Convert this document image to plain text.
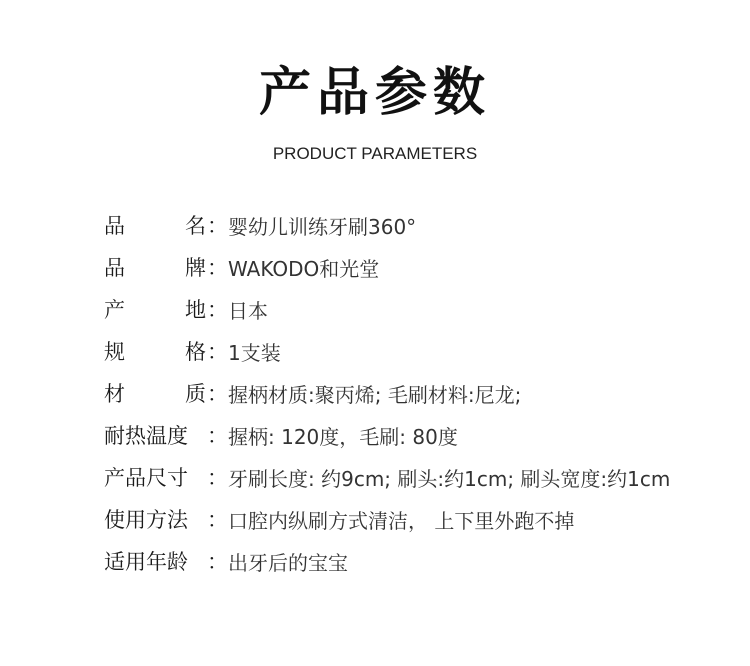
产品参数
PRODUCT PARAMETERS
品名 ： 婴幼儿训练牙刷360°
品牌 ： WAKODO和光堂
产地 ： 日本
规格 ： 1支装
材质 ： 握柄材质:聚丙烯; 毛刷材料:尼龙;
耐热温度 ： 握柄: 120度，毛刷: 80度
产品尺寸 ： 牙刷长度: 约9cm; 刷头:约1cm; 刷头宽度:约1cm
使用方法 ： 口腔内纵刷方式清洁， 上下里外跑不掉
适用年龄 ： 出牙后的宝宝
